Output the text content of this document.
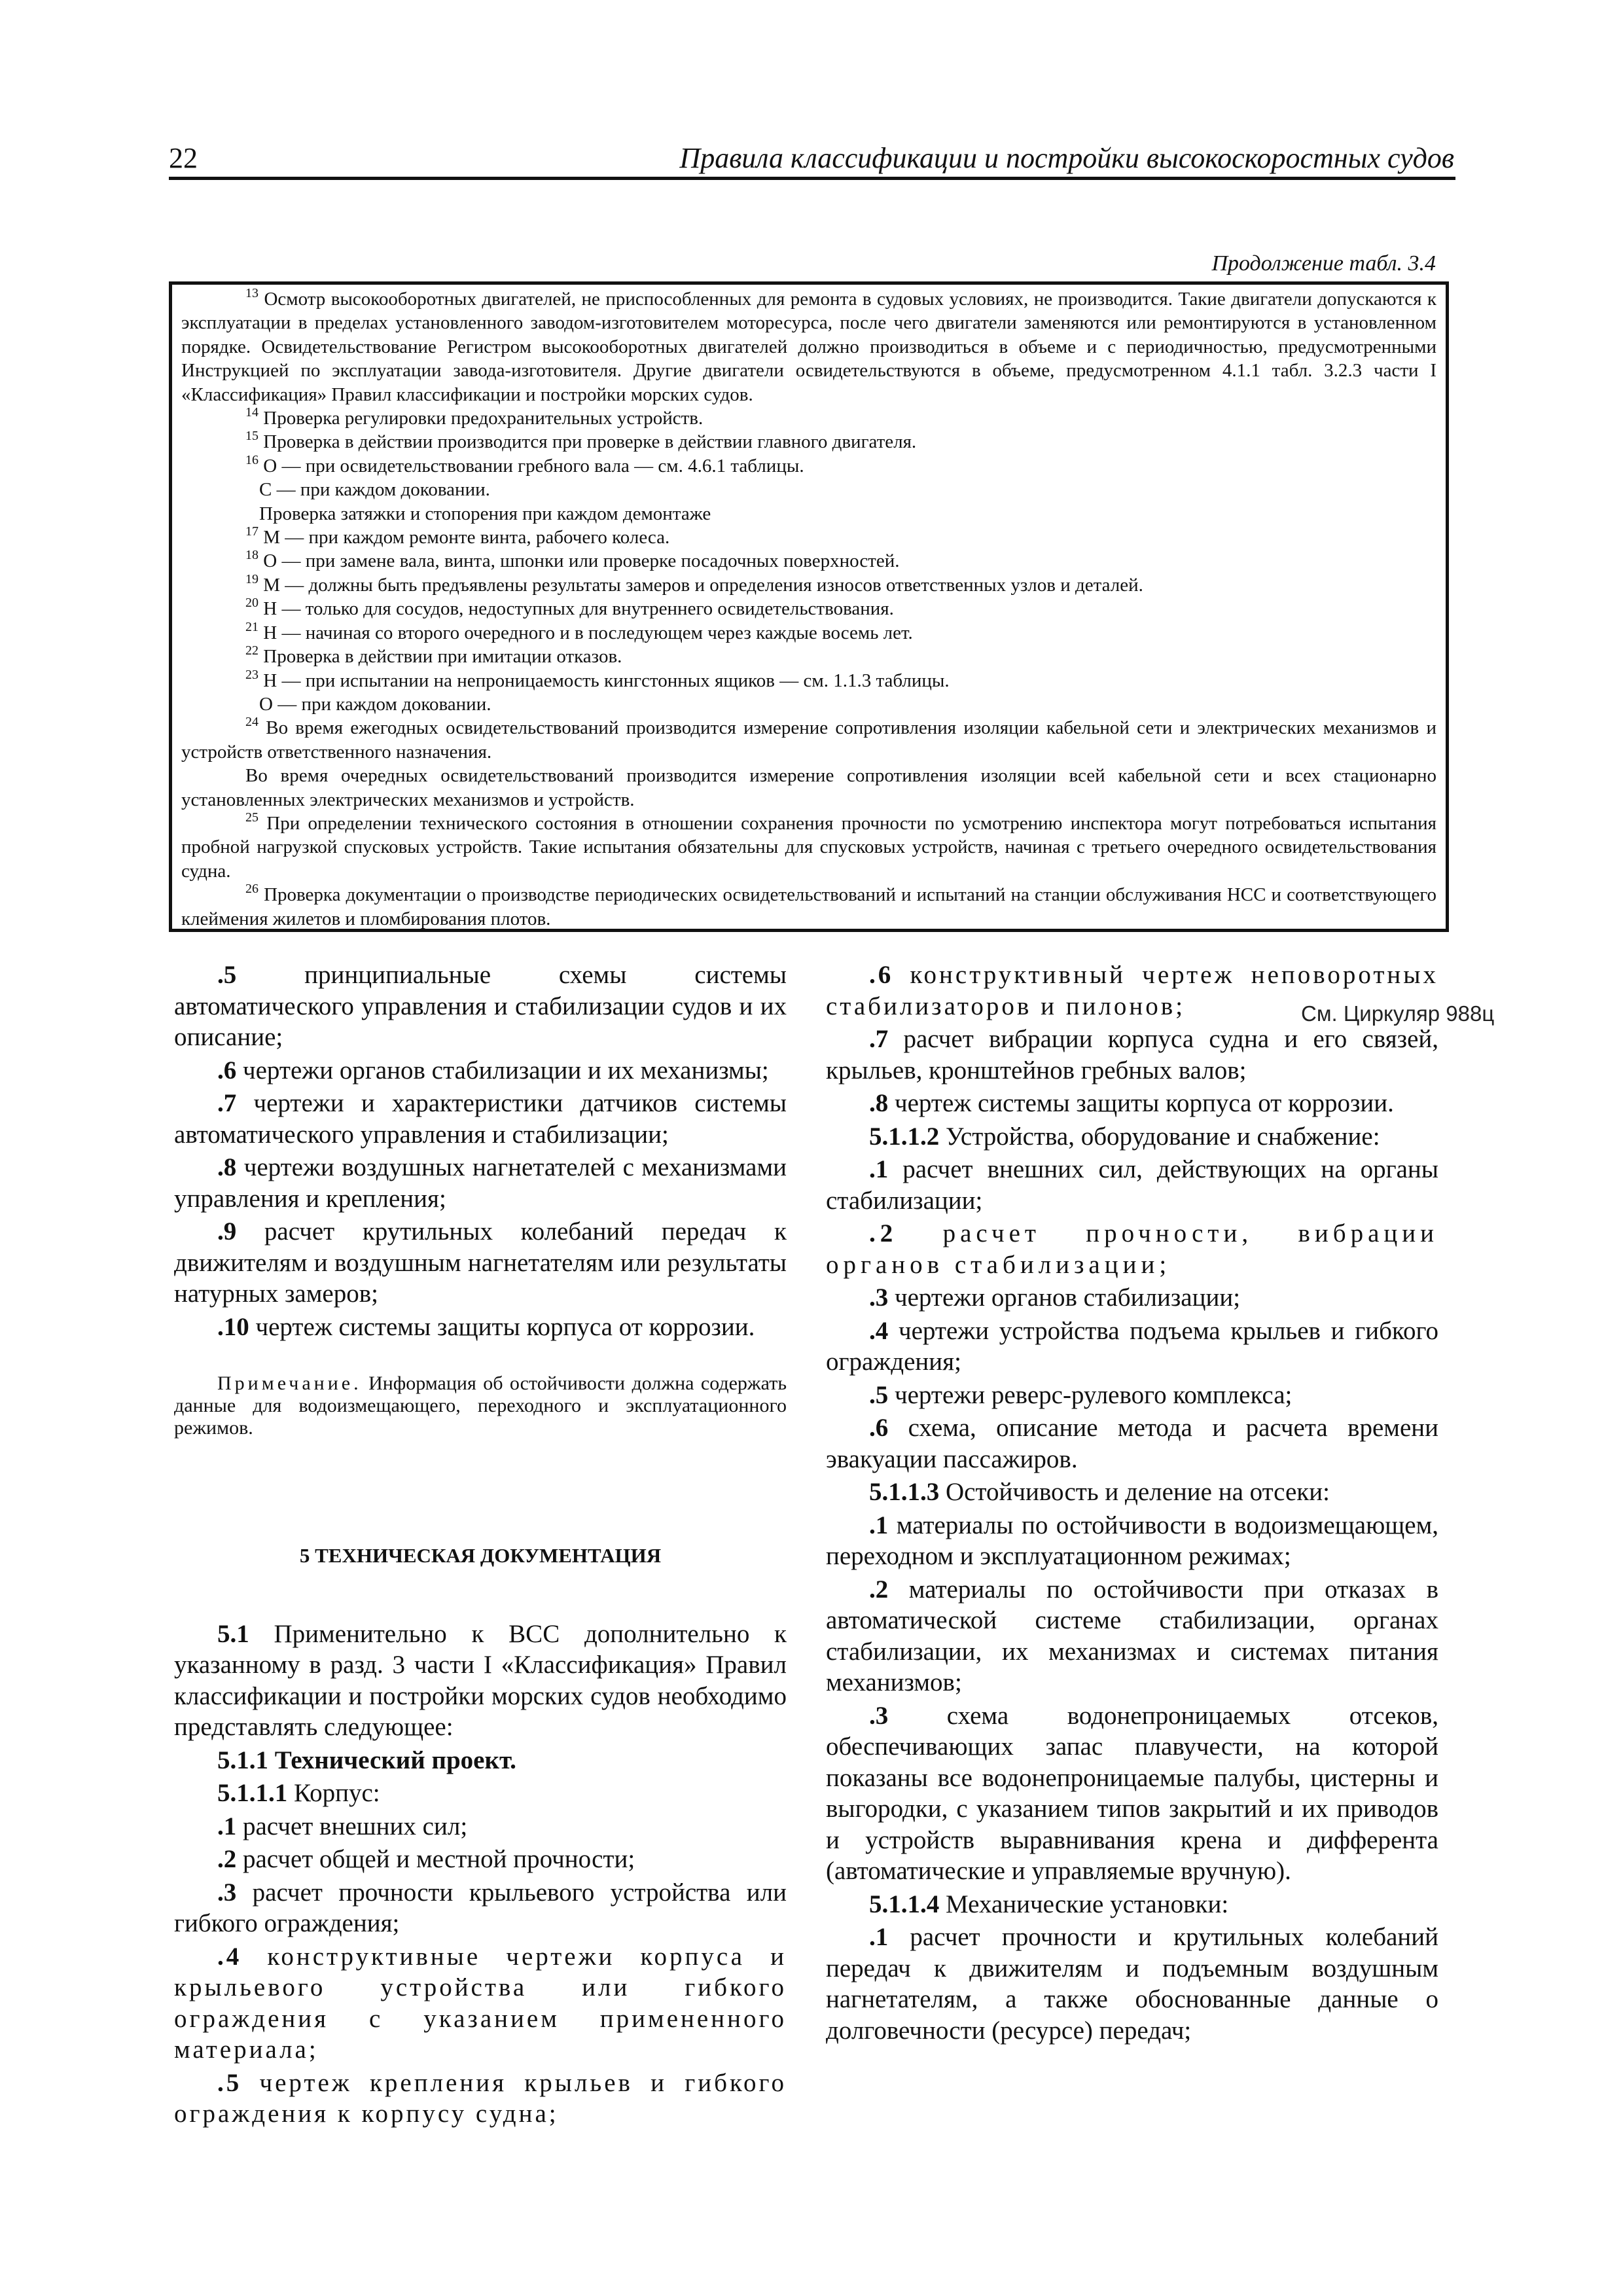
22	Правила классификации и постройки высокоскоростных судов
Продолжение табл. 3.4

$^{13}$ Осмотр высокооборотных двигателей, не приспособленных для ремонта в судовых условиях, не производится. Такие двигатели допускаются к эксплуатации в пределах установленного заводом-изготовителем моторесурса, после чего двигатели заменяются или ремонтируются в установленном порядке. Освидетельствование Регистром высокооборотных двигателей должно производиться в объеме и с периодичностью, предусмотренными Инструкцией по эксплуатации завода-изготовителя. Другие двигатели освидетельствуются в объеме, предусмотренном 4.1.1 табл. 3.2.3 части I «Классификация» Правил классификации и постройки морских судов.

$^{14}$ Проверка регулировки предохранительных устройств.

$^{15}$ Проверка в действии производится при проверке в действии главного двигателя.

$^{16}$ О — при освидетельствовании гребного вала — см. 4.6.1 таблицы.

С — при каждом доковании.

Проверка затяжки и стопорения при каждом демонтаже

$^{17}$ М — при каждом ремонте винта, рабочего колеса.

$^{18}$ О — при замене вала, винта, шпонки или проверке посадочных поверхностей.

$^{19}$ М — должны быть предъявлены результаты замеров и определения износов ответственных узлов и деталей.

$^{20}$ Н — только для сосудов, недоступных для внутреннего освидетельствования.

$^{21}$ Н — начиная со второго очередного и в последующем через каждые восемь лет.

$^{22}$ Проверка в действии при имитации отказов.

$^{23}$ Н — при испытании на непроницаемость кингстонных ящиков — см. 1.1.3 таблицы.

О — при каждом доковании.

$^{24}$ Во время ежегодных освидетельствований производится измерение сопротивления изоляции кабельной сети и электрических механизмов и устройств ответственного назначения.

Во время очередных освидетельствований производится измерение сопротивления изоляции всей кабельной сети и всех стационарно установленных электрических механизмов и устройств.

$^{25}$ При определении технического состояния в отношении сохранения прочности по усмотрению инспектора могут потребоваться испытания пробной нагрузкой спусковых устройств. Такие испытания обязательны для спусковых устройств, начиная с третьего очередного освидетельствования судна.

$^{26}$ Проверка документации о производстве периодических освидетельствований и испытаний на станции обслуживания НСС и соответствующего клеймения жилетов и пломбирования плотов.

.5	принципиальные схемы системы автоматического управления и стабилизации судов и их описание;

.6 чертежи органов стабилизации и их механизмы;

.7 чертежи и характеристики датчиков системы автоматического управления и стабилизации;

.8 чертежи воздушных нагнетателей с механизмами управления и крепления;

.9 расчет крутильных колебаний передач к движителям и воздушным нагнетателям или результаты натурных замеров;

.10 чертеж системы защиты корпуса от коррозии.

Примечание. Информация об остойчивости должна содержать данные для водоизмещающего, переходного и эксплуатационного режимов.

5 ТЕХНИЧЕСКАЯ ДОКУМЕНТАЦИЯ

5.1 Применительно к ВСС дополнительно к указанному в разд. 3 части I «Классификация» Правил классификации и постройки морских судов необходимо представлять следующее:

5.1.1 Технический проект.

5.1.1.1 Корпус:

.1 расчет внешних сил;

.2 расчет общей и местной прочности;

.3 расчет прочности крыльевого устройства или гибкого ограждения;

.4 конструктивные чертежи корпуса и крыльевого устройства или гибкого ограждения с указанием примененного материала;

.5 чертеж крепления крыльев и гибкого ограждения к корпусу судна;

.6 конструктивный чертеж неповоротных стабилизаторов и пилонов;

.7 расчет вибрации корпуса судна и его связей, крыльев, кронштейнов гребных валов;

.8 чертеж системы защиты корпуса от коррозии.

5.1.1.2 Устройства, оборудование и снабжение:

.1 расчет внешних сил, действующих на органы стабилизации;

.2 расчет прочности, вибрации органов стабилизации;

.3 чертежи органов стабилизации;

.4 чертежи устройства подъема крыльев и гибкого ограждения;

.5 чертежи реверс-рулевого комплекса;

.6 схема, описание метода и расчета времени эвакуации пассажиров.

5.1.1.3 Остойчивость и деление на отсеки:

.1 материалы по остойчивости в водоизмещающем, переходном и эксплуатационном режимах;

.2 материалы по остойчивости при отказах в автоматической системе стабилизации, органах стабилизации, их механизмах и системах питания механизмов;

.3 схема водонепроницаемых отсеков, обеспечивающих запас плавучести, на которой показаны все водонепроницаемые палубы, цистерны и выгородки, с указанием типов закрытий и их приводов и устройств выравнивания крена и дифферента (автоматические и управляемые вручную).

5.1.1.4 Механические установки:

.1 расчет прочности и крутильных колебаний передач к движителям и подъемным воздушным нагнетателям, а также обоснованные данные о долговечности (ресурсе) передач;

См. Циркуляр 988ц
